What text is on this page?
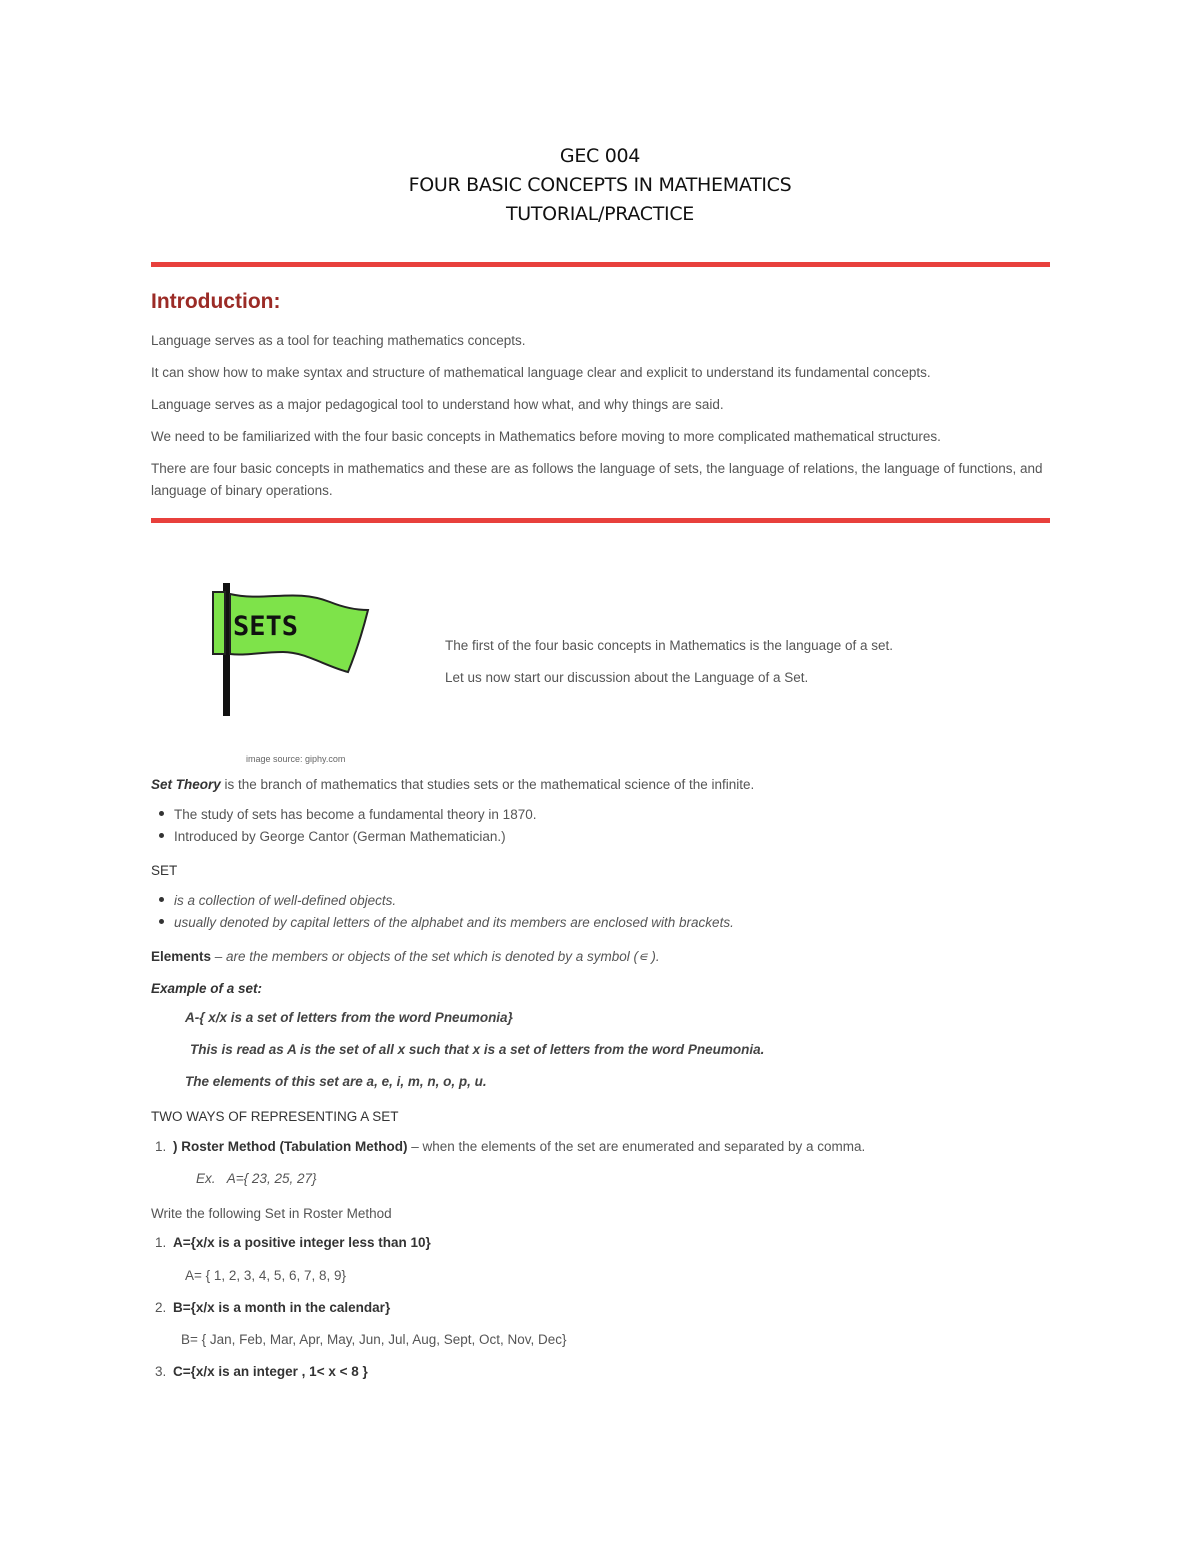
GEC 004
FOUR BASIC CONCEPTS IN MATHEMATICS
TUTORIAL/PRACTICE
Introduction:
Language serves as a tool for teaching mathematics concepts.
It can show how to make syntax and structure of mathematical language clear and explicit to understand its fundamental concepts.
Language serves as a major pedagogical tool to understand how what, and why things are said.
We need to be familiarized with the four basic concepts in Mathematics before moving to more complicated mathematical structures.
There are four basic concepts in mathematics and these are as follows the language of sets, the language of relations, the language of functions, and language of binary operations.
SETS
The first of the four basic concepts in Mathematics is the language of a set.
Let us now start our discussion about the Language of a Set.
image source: giphy.com
Set Theory is the branch of mathematics that studies sets or the mathematical science of the infinite.
The study of sets has become a fundamental theory in 1870.
Introduced by George Cantor (German Mathematician.)
SET
is a collection of well-defined objects.
usually denoted by capital letters of the alphabet and its members are enclosed with brackets.
Elements – are the members or objects of the set which is denoted by a symbol (∊ ).
Example of a set:
A-{ x/x is a set of letters from the word Pneumonia}
This is read as A is the set of all x such that x is a set of letters from the word Pneumonia.
The elements of this set are a, e, i, m, n, o, p, u.
TWO WAYS OF REPRESENTING A SET
1. ) Roster Method (Tabulation Method) – when the elements of the set are enumerated and separated by a comma.
Ex. A={ 23, 25, 27}
Write the following Set in Roster Method
1. A={x/x is a positive integer less than 10}
A= { 1, 2, 3, 4, 5, 6, 7, 8, 9}
2. B={x/x is a month in the calendar}
B= { Jan, Feb, Mar, Apr, May, Jun, Jul, Aug, Sept, Oct, Nov, Dec}
3. C={x/x is an integer , 1< x < 8 }
